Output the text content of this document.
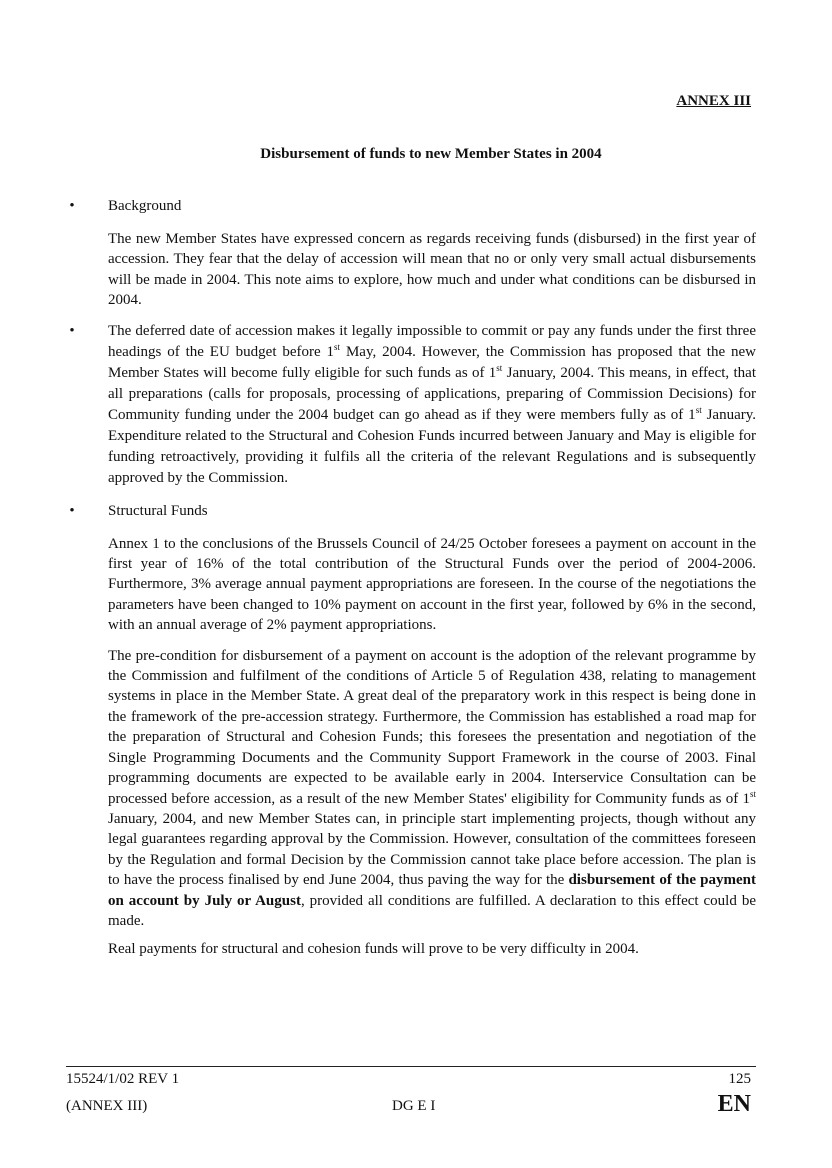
ANNEX III
Disbursement of funds to new Member States in 2004
• Background

The new Member States have expressed concern as regards receiving funds (disbursed) in the first year of accession. They fear that the delay of accession will mean that no or only very small actual disbursements will be made in 2004. This note aims to explore, how much and under what conditions can be disbursed in 2004.

• The deferred date of accession makes it legally impossible to commit or pay any funds under the first three headings of the EU budget before 1st May, 2004. However, the Commission has proposed that the new Member States will become fully eligible for such funds as of 1st January, 2004. This means, in effect, that all preparations (calls for proposals, processing of applications, preparing of Commission Decisions) for Community funding under the 2004 budget can go ahead as if they were members fully as of 1st January. Expenditure related to the Structural and Cohesion Funds incurred between January and May is eligible for funding retroactively, providing it fulfils all the criteria of the relevant Regulations and is subsequently approved by the Commission.
• Structural Funds

Annex 1 to the conclusions of the Brussels Council of 24/25 October foresees a payment on account in the first year of 16% of the total contribution of the Structural Funds over the period of 2004-2006. Furthermore, 3% average annual payment appropriations are foreseen. In the course of the negotiations the parameters have been changed to 10% payment on account in the first year, followed by 6% in the second, with an annual average of 2% payment appropriations.

The pre-condition for disbursement of a payment on account is the adoption of the relevant programme by the Commission and fulfilment of the conditions of Article 5 of Regulation 438, relating to management systems in place in the Member State. A great deal of the preparatory work in this respect is being done in the framework of the pre-accession strategy. Furthermore, the Commission has established a road map for the preparation of Structural and Cohesion Funds; this foresees the presentation and negotiation of the Single Programming Documents and the Community Support Framework in the course of 2003. Final programming documents are expected to be available early in 2004. Interservice Consultation can be processed before accession, as a result of the new Member States' eligibility for Community funds as of 1st January, 2004, and new Member States can, in principle start implementing projects, though without any legal guarantees regarding approval by the Commission. However, consultation of the committees foreseen by the Regulation and formal Decision by the Commission cannot take place before accession. The plan is to have the process finalised by end June 2004, thus paving the way for the disbursement of the payment on account by July or August, provided all conditions are fulfilled. A declaration to this effect could be made.

Real payments for structural and cohesion funds will prove to be very difficulty in 2004.

15524/1/02 REV 1	125
(ANNEX III)	DG E I	EN
